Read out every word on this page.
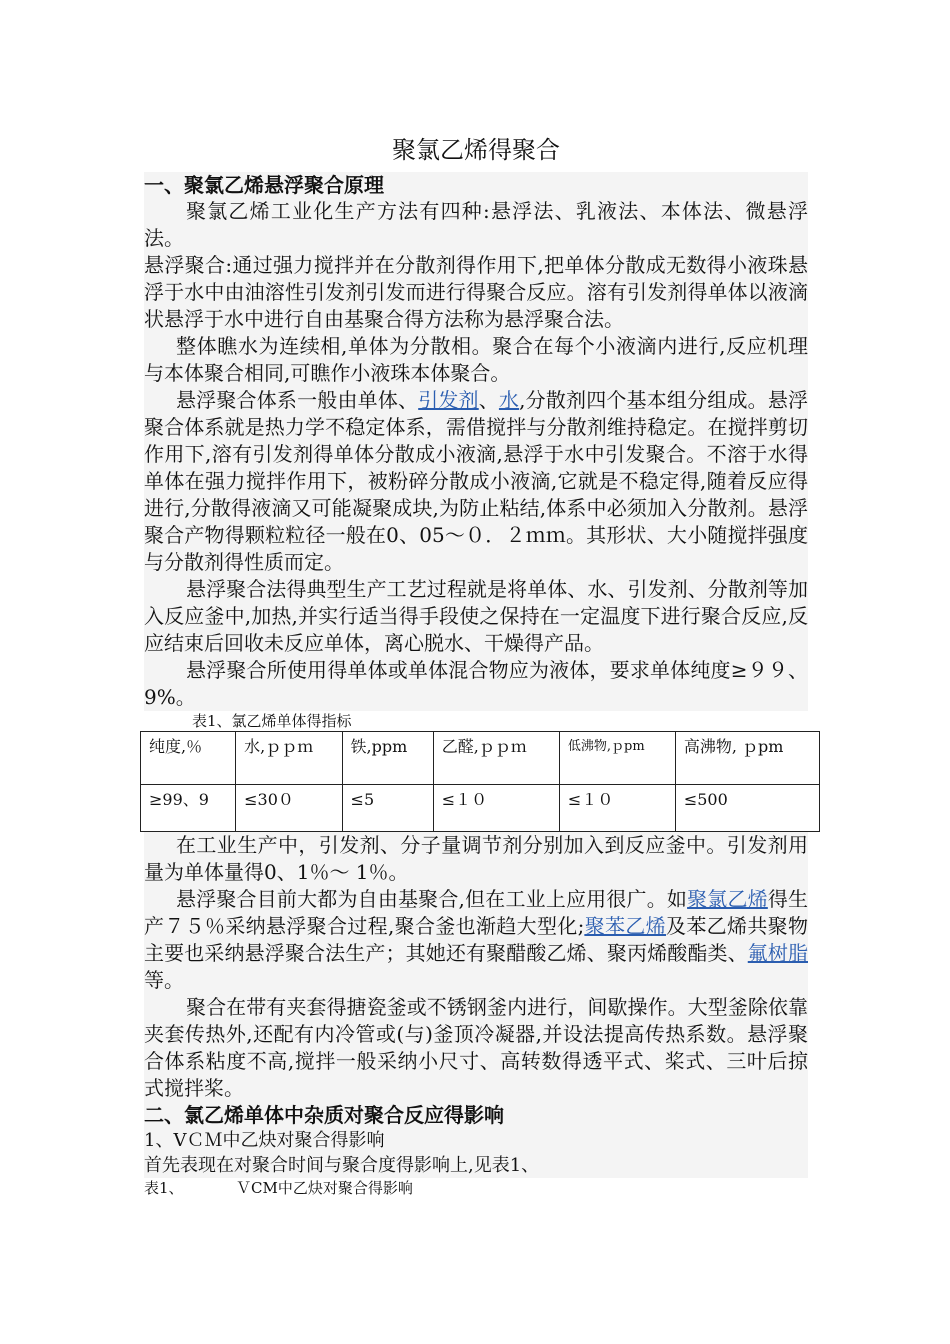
聚氯乙烯得聚合
一、聚氯乙烯悬浮聚合原理

聚氯乙烯工业化生产方法有四种:悬浮法、乳液法、本体法、微悬浮法。

悬浮聚合:通过强力搅拌并在分散剂得作用下,把单体分散成无数得小液珠悬浮于水中由油溶性引发剂引发而进行得聚合反应。溶有引发剂得单体以液滴状悬浮于水中进行自由基聚合得方法称为悬浮聚合法。

整体瞧水为连续相,单体为分散相。聚合在每个小液滴内进行,反应机理与本体聚合相同,可瞧作小液珠本体聚合。

悬浮聚合体系一般由单体、引发剂、水,分散剂四个基本组分组成。悬浮聚合体系就是热力学不稳定体系，需借搅拌与分散剂维持稳定。在搅拌剪切作用下,溶有引发剂得单体分散成小液滴,悬浮于水中引发聚合。不溶于水得单体在强力搅拌作用下，被粉碎分散成小液滴,它就是不稳定得,随着反应得进行,分散得液滴又可能凝聚成块,为防止粘结,体系中必须加入分散剂。悬浮聚合产物得颗粒粒径一般在0、05～０．２ｍｍ。其形状、大小随搅拌强度与分散剂得性质而定。

悬浮聚合法得典型生产工艺过程就是将单体、水、引发剂、分散剂等加入反应釜中,加热,并实行适当得手段使之保持在一定温度下进行聚合反应,反应结束后回收未反应单体，离心脱水、干燥得产品。

悬浮聚合所使用得单体或单体混合物应为液体，要求单体纯度≥９９、9%。

表1、氯乙烯单体得指标

纯度,％	水,ｐｐｍ	铁,ppm	乙醛,ｐｐｍ	低沸物,ｐpm	高沸物, ｐpm
≥99、9	≤30０	≤5	≤１０	≤１０	≤500

在工业生产中，引发剂、分子量调节剂分别加入到反应釜中。引发剂用量为单体量得0、1％～ 1％。

悬浮聚合目前大都为自由基聚合,但在工业上应用很广。如聚氯乙烯得生产７５％采纳悬浮聚合过程,聚合釜也渐趋大型化;聚苯乙烯及苯乙烯共聚物主要也采纳悬浮聚合法生产；其她还有聚醋酸乙烯、聚丙烯酸酯类、氟树脂等。

聚合在带有夹套得搪瓷釜或不锈钢釜内进行，间歇操作。大型釜除依靠夹套传热外,还配有内冷管或(与)釜顶冷凝器,并设法提高传热系数。悬浮聚合体系粘度不高,搅拌一般采纳小尺寸、高转数得透平式、桨式、三叶后掠式搅拌桨。

二、氯乙烯单体中杂质对聚合反应得影响

1、VＣＭ中乙炔对聚合得影响

首先表现在对聚合时间与聚合度得影响上,见表1、

表1、           ＶCM中乙炔对聚合得影响
